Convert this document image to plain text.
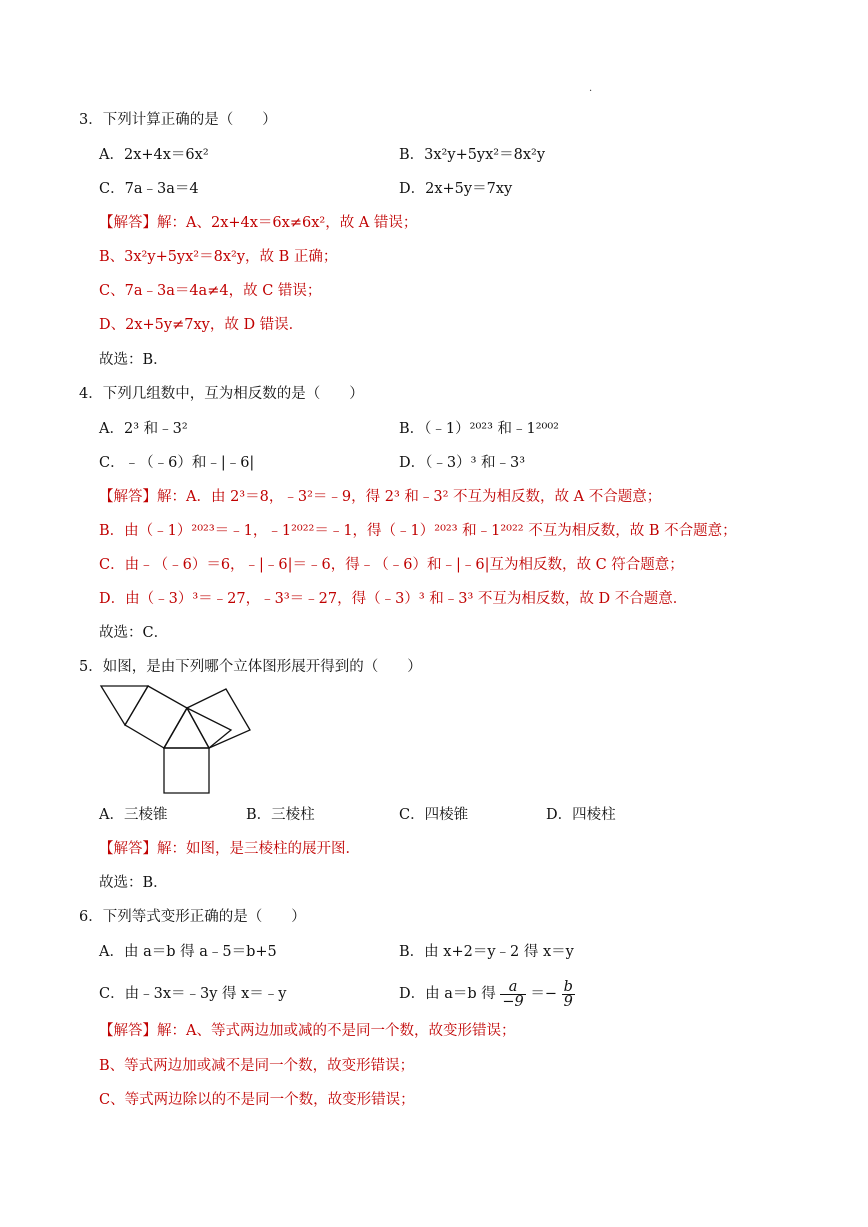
·
3．下列计算正确的是（　　）
A．2x+4x＝6x²	B．3x²y+5yx²＝8x²y
C．7a﹣3a＝4	D．2x+5y＝7xy
【解答】解：A、2x+4x＝6x≠6x²，故 A 错误；
B、3x²y+5yx²＝8x²y，故 B 正确；
C、7a﹣3a＝4a≠4，故 C 错误；
D、2x+5y≠7xy，故 D 错误．
故选：B．
4．下列几组数中，互为相反数的是（　　）
A．2³ 和﹣3²	B．（﹣1）²⁰²³ 和﹣1²⁰⁰²
C．﹣（﹣6）和﹣|﹣6|	D．（﹣3）³ 和﹣3³
【解答】解：A．由 2³＝8，﹣3²＝﹣9，得 2³ 和﹣3² 不互为相反数，故 A 不合题意；
B．由（﹣1）²⁰²³＝﹣1，﹣1²⁰²²＝﹣1，得（﹣1）²⁰²³ 和﹣1²⁰²² 不互为相反数，故 B 不合题意；
C．由﹣（﹣6）＝6，﹣|﹣6|＝﹣6，得﹣（﹣6）和﹣|﹣6|互为相反数，故 C 符合题意；
D．由（﹣3）³＝﹣27，﹣3³＝﹣27，得（﹣3）³ 和﹣3³ 不互为相反数，故 D 不合题意．
故选：C．
5．如图，是由下列哪个立体图形展开得到的（　　）
A．三棱锥	B．三棱柱	C．四棱锥	D．四棱柱
【解答】解：如图，是三棱柱的展开图．
故选：B．
6．下列等式变形正确的是（　　）
A．由 a＝b 得 a﹣5＝b+5	B．由 x+2＝y﹣2 得 x＝y
C．由﹣3x＝﹣3y 得 x＝﹣y	D．由 a＝b 得 $\frac{a}{-9} =- \frac{b}{9}$
【解答】解：A、等式两边加或减的不是同一个数，故变形错误；
B、等式两边加或减不是同一个数，故变形错误；
C、等式两边除以的不是同一个数，故变形错误；
